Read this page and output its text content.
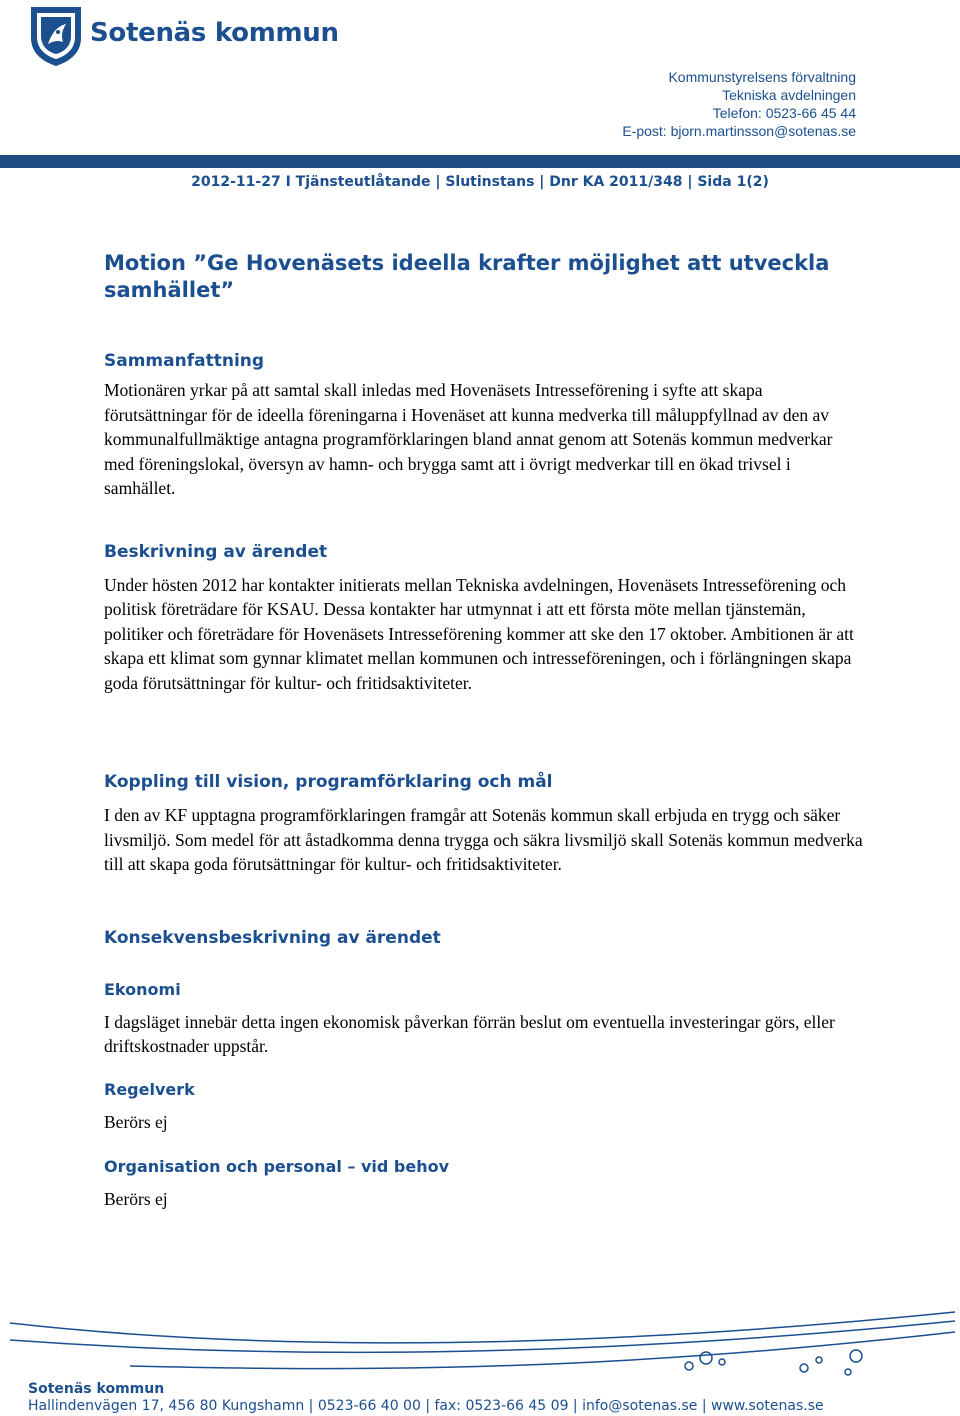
Sotenäs kommun
Kommunstyrelsens förvaltning
Tekniska avdelningen
Telefon: 0523-66 45 44
E-post: bjorn.martinsson@sotenas.se
2012-11-27 I Tjänsteutlåtande | Slutinstans | Dnr KA 2011/348 | Sida 1(2)
Motion ”Ge Hovenäsets ideella krafter möjlighet att utveckla samhället”
Sammanfattning

Motionären yrkar på att samtal skall inledas med Hovenäsets Intresseförening i syfte att skapa förutsättningar för de ideella föreningarna i Hovenäset att kunna medverka till måluppfyllnad av den av kommunalfullmäktige antagna programförklaringen bland annat genom att Sotenäs kommun medverkar med föreningslokal, översyn av hamn- och brygga samt att i övrigt medverkar till en ökad trivsel i samhället.

Beskrivning av ärendet

Under hösten 2012 har kontakter initierats mellan Tekniska avdelningen, Hovenäsets Intresseförening och politisk företrädare för KSAU. Dessa kontakter har utmynnat i att ett första möte mellan tjänstemän, politiker och företrädare för Hovenäsets Intresseförening kommer att ske den 17 oktober. Ambitionen är att skapa ett klimat som gynnar klimatet mellan kommunen och intresseföreningen, och i förlängningen skapa goda förutsättningar för kultur- och fritidsaktiviteter.

Koppling till vision, programförklaring och mål

I den av KF upptagna programförklaringen framgår att Sotenäs kommun skall erbjuda en trygg och säker livsmiljö. Som medel för att åstadkomma denna trygga och säkra livsmiljö skall Sotenäs kommun medverka till att skapa goda förutsättningar för kultur- och fritidsaktiviteter.

Konsekvensbeskrivning av ärendet
Ekonomi

I dagsläget innebär detta ingen ekonomisk påverkan förrän beslut om eventuella investeringar görs, eller driftskostnader uppstår.

Regelverk

Berörs ej

Organisation och personal – vid behov

Berörs ej

Sotenäs kommun
Hallindenvägen 17, 456 80 Kungshamn | 0523-66 40 00 | fax: 0523-66 45 09 | info@sotenas.se | www.sotenas.se
